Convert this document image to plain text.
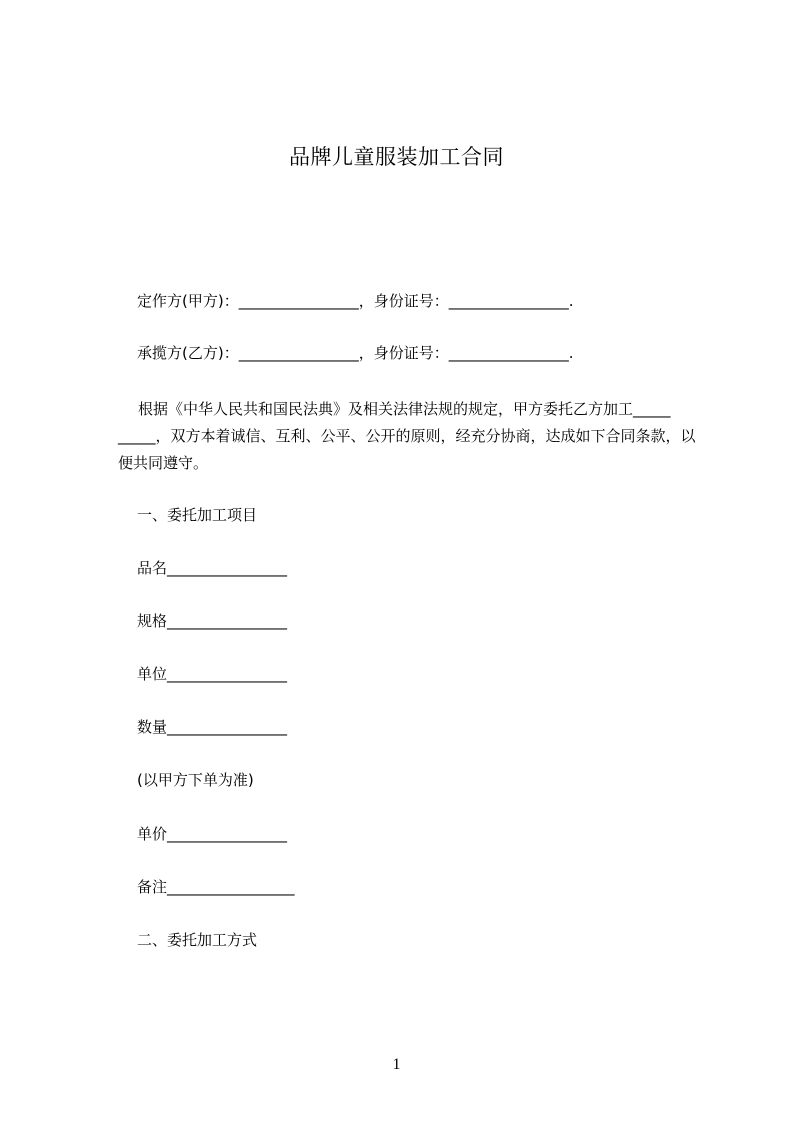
品牌儿童服装加工合同
定作方(甲方)：________________，身份证号：________________.
承揽方(乙方)：________________，身份证号：________________.
根据《中华人民共和国民法典》及相关法律法规的规定，甲方委托乙方加工_____ _____，双方本着诚信、互利、公平、公开的原则，经充分协商，达成如下合同条款，以便共同遵守。
一、委托加工项目
品名________________
规格________________
单位________________
数量________________
(以甲方下单为准)
单价________________
备注_________________
二、委托加工方式
1
